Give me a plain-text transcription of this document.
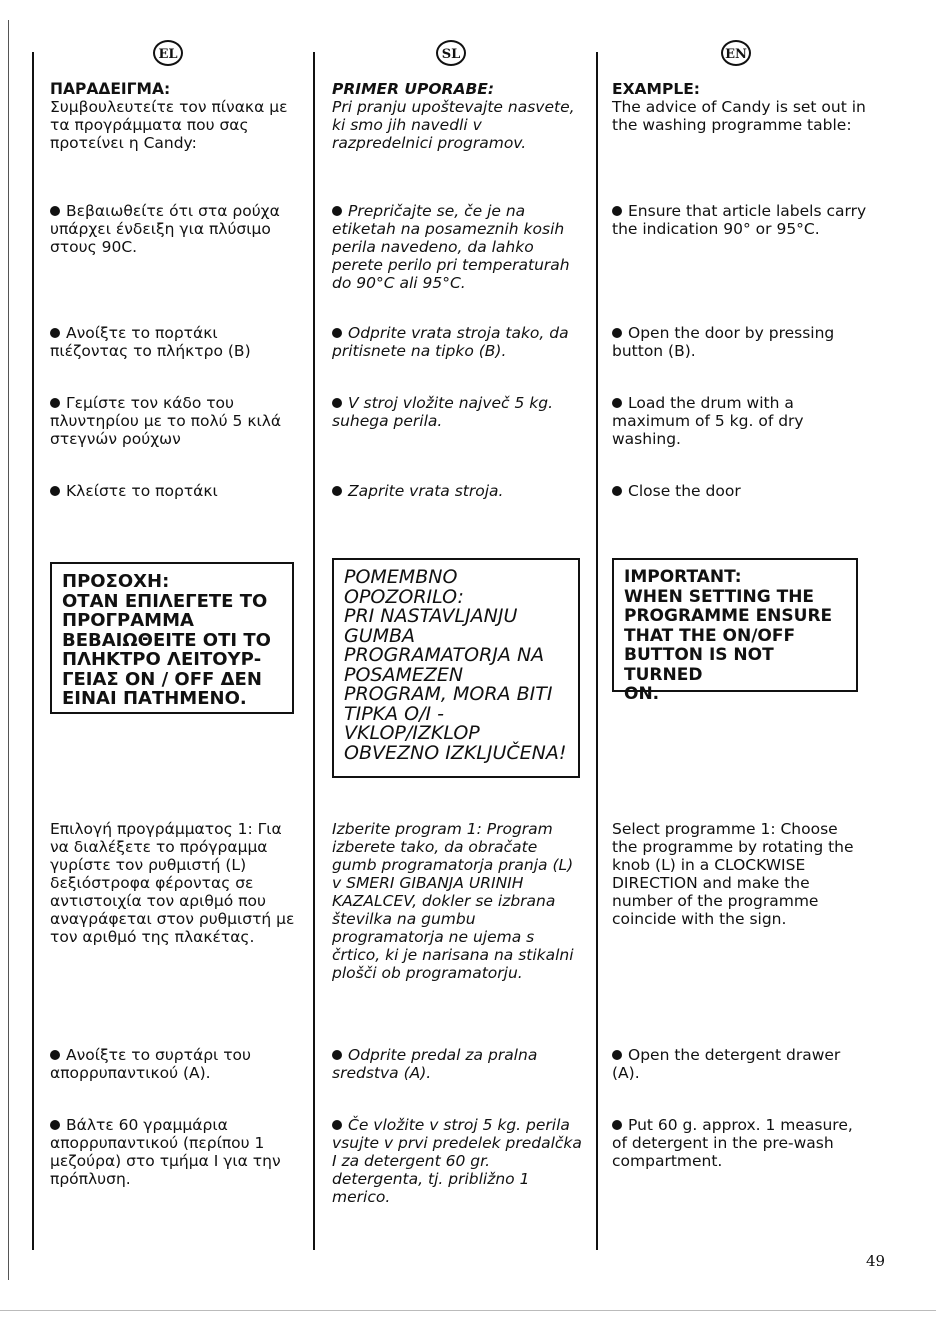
EL
ΠΑΡΑΔΕΙΓΜΑ:
Συμβουλευτείτε τον πίνακα με τα προγράμματα που σας προτείνει η Candy:
Βεβαιωθείτε ότι στα ρούχα υπάρχει ένδειξη για πλύσιμο στους 90C.
Ανοίξτε το πορτάκι πιέζοντας το πλήκτρο (B)
Γεμίστε τον κάδο του πλυντηρίου με το πολύ 5 κιλά στεγνών ρούχων
Κλείστε το πορτάκι
ΠΡΟΣΟΧΗ:
ΟΤΑΝ ΕΠΙΛΕΓΕΤΕ ΤΟ
ΠΡΟΓΡΑΜΜΑ
ΒΕΒΑΙΩΘΕΙΤΕ ΟΤΙ ΤΟ
ΠΛΗΚΤΡΟ ΛΕΙΤΟΥΡ-
ΓΕΙΑΣ ON / OFF ΔΕΝ
ΕΙΝΑΙ ΠΑΤΗΜΕΝΟ.
Επιλογή προγράμματος 1: Για να διαλέξετε το πρόγραμμα γυρίστε τον ρυθμιστή (L) δεξιόστροφα φέροντας σε αντιστοιχία τον αριθμό που αναγράφεται στον ρυθμιστή με τον αριθμό της πλακέτας.
Ανοίξτε το συρτάρι του απορρυπαντικού (A).
Βάλτε 60 γραμμάρια απορρυπαντικού (περίπου 1 μεζούρα) στο τμήμα I για την πρόπλυση.
SL
PRIMER UPORABE:
Pri pranju upoštevajte nasvete, ki smo jih navedli v razpredelnici programov.
Prepričajte se, če je na etiketah na posameznih kosih perila navedeno, da lahko perete perilo pri temperaturah do 90°C ali 95°C.
Odprite vrata stroja tako, da pritisnete na tipko (B).
V stroj vložite največ 5 kg. suhega perila.
Zaprite vrata stroja.
POMEMBNO
OPOZORILO:
PRI NASTAVLJANJU
GUMBA
PROGRAMATORJA NA
POSAMEZEN
PROGRAM, MORA BITI
TIPKA O/I -
VKLOP/IZKLOP
OBVEZNO IZKLJUČENA!
Izberite program 1: Program izberete tako, da obračate gumb programatorja pranja (L) v SMERI GIBANJA URINIH KAZALCEV, dokler se izbrana številka na gumbu programatorja ne ujema s črtico, ki je narisana na stikalni plošči ob programatorju.
Odprite predal za pralna sredstva (A).
Če vložite v stroj 5 kg. perila vsujte v prvi predelek predalčka I za detergent 60 gr. detergenta, tj. približno 1 merico.
EN
EXAMPLE:
The advice of Candy is set out in the washing programme table:
Ensure that article labels carry the indication 90° or 95°C.
Open the door by pressing button (B).
Load the drum with a maximum of 5 kg. of dry washing.
Close the door
IMPORTANT:
WHEN SETTING THE
PROGRAMME ENSURE
THAT THE ON/OFF
BUTTON IS NOT TURNED
ON.
Select programme 1: Choose the programme by rotating the knob (L) in a CLOCKWISE DIRECTION and make the number of the programme coincide with the sign.
Open the detergent drawer (A).
Put 60 g. approx. 1 measure, of detergent in the pre-wash compartment.
49
